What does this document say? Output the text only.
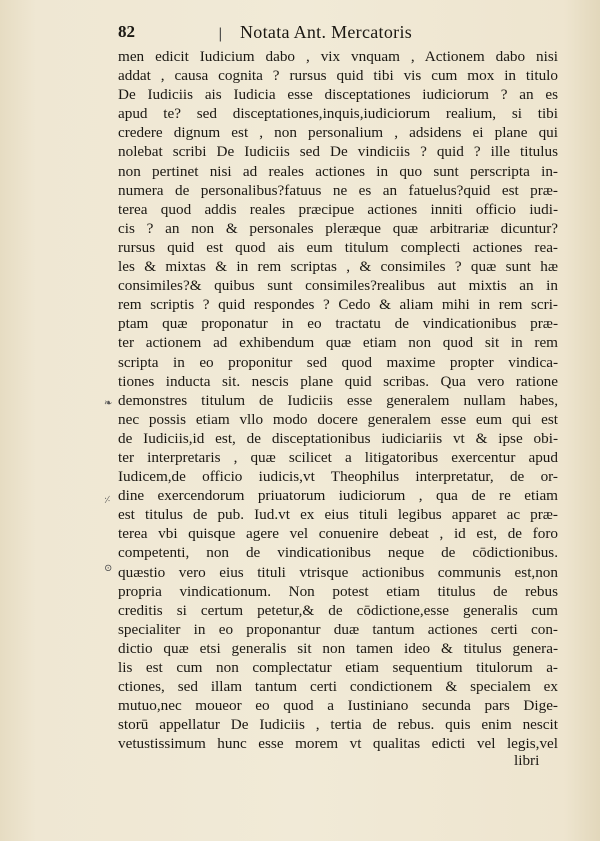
82	| Notata Ant. Mercatoris
men edicit Iudicium dabo , vix vnquam , Actionem dabo nisi
addat , causa cognita ? rursus quid tibi vis cum mox in titulo
De Iudiciis ais Iudicia esse disceptationes iudiciorum ? an es
apud te? sed disceptationes,inquis,iudiciorum realium, si tibi
credere dignum est , non personalium , adsidens ei plane qui
nolebat scribi De Iudiciis sed De vindiciis ? quid ? ille titulus
non pertinet nisi ad reales actiones in quo sunt perscripta in-
numera de personalibus?fatuus ne es an fatuelus?quid est præ-
terea quod addis reales præcipue actiones inniti officio iudi-
cis ? an non & personales pleræque quæ arbitrariæ dicuntur?
rursus quid est quod ais eum titulum complecti actiones rea-
les & mixtas & in rem scriptas , & consimiles ? quæ sunt hæ
consimiles?& quibus sunt consimiles?realibus aut mixtis an in
rem scriptis ? quid respondes ? Cedo & aliam mihi in rem scri-
ptam quæ proponatur in eo tractatu de vindicationibus præ-
ter actionem ad exhibendum quæ etiam non quod sit in rem
scripta in eo proponitur sed quod maxime propter vindica-
tiones inducta sit. nescis plane quid scribas. Qua vero ratione
demonstres titulum de Iudiciis esse generalem nullam habes,
nec possis etiam vllo modo docere generalem esse eum qui est
de Iudiciis,id est, de disceptationibus iudiciariis vt & ipse obi-
ter interpretaris , quæ scilicet a litigatoribus exercentur apud
Iudicem,de officio iudicis,vt Theophilus interpretatur, de or-
dine exercendorum priuatorum iudiciorum , qua de re etiam
est titulus de pub. Iud.vt ex eius tituli legibus apparet ac præ-
terea vbi quisque agere vel conuenire debeat , id est, de foro
competenti, non de vindicationibus neque de cōdictionibus.
quæstio vero eius tituli vtrisque actionibus communis est,non
propria vindicationum. Non potest etiam titulus de rebus
creditis si certum petetur,& de cōdictione,esse generalis cum
specialiter in eo proponantur duæ tantum actiones certi con-
dictio quæ etsi generalis sit non tamen ideo & titulus genera-
lis est cum non complectatur etiam sequentium titulorum a-
ctiones, sed illam tantum certi condictionem & specialem ex
mutuo,nec moueor eo quod a Iustiniano secunda pars Dige-
storū appellatur De Iudiciis , tertia de rebus. quis enim nescit
vetustissimum hunc esse morem vt qualitas edicti vel legis,vel
❧
⸓
⊙
libri
